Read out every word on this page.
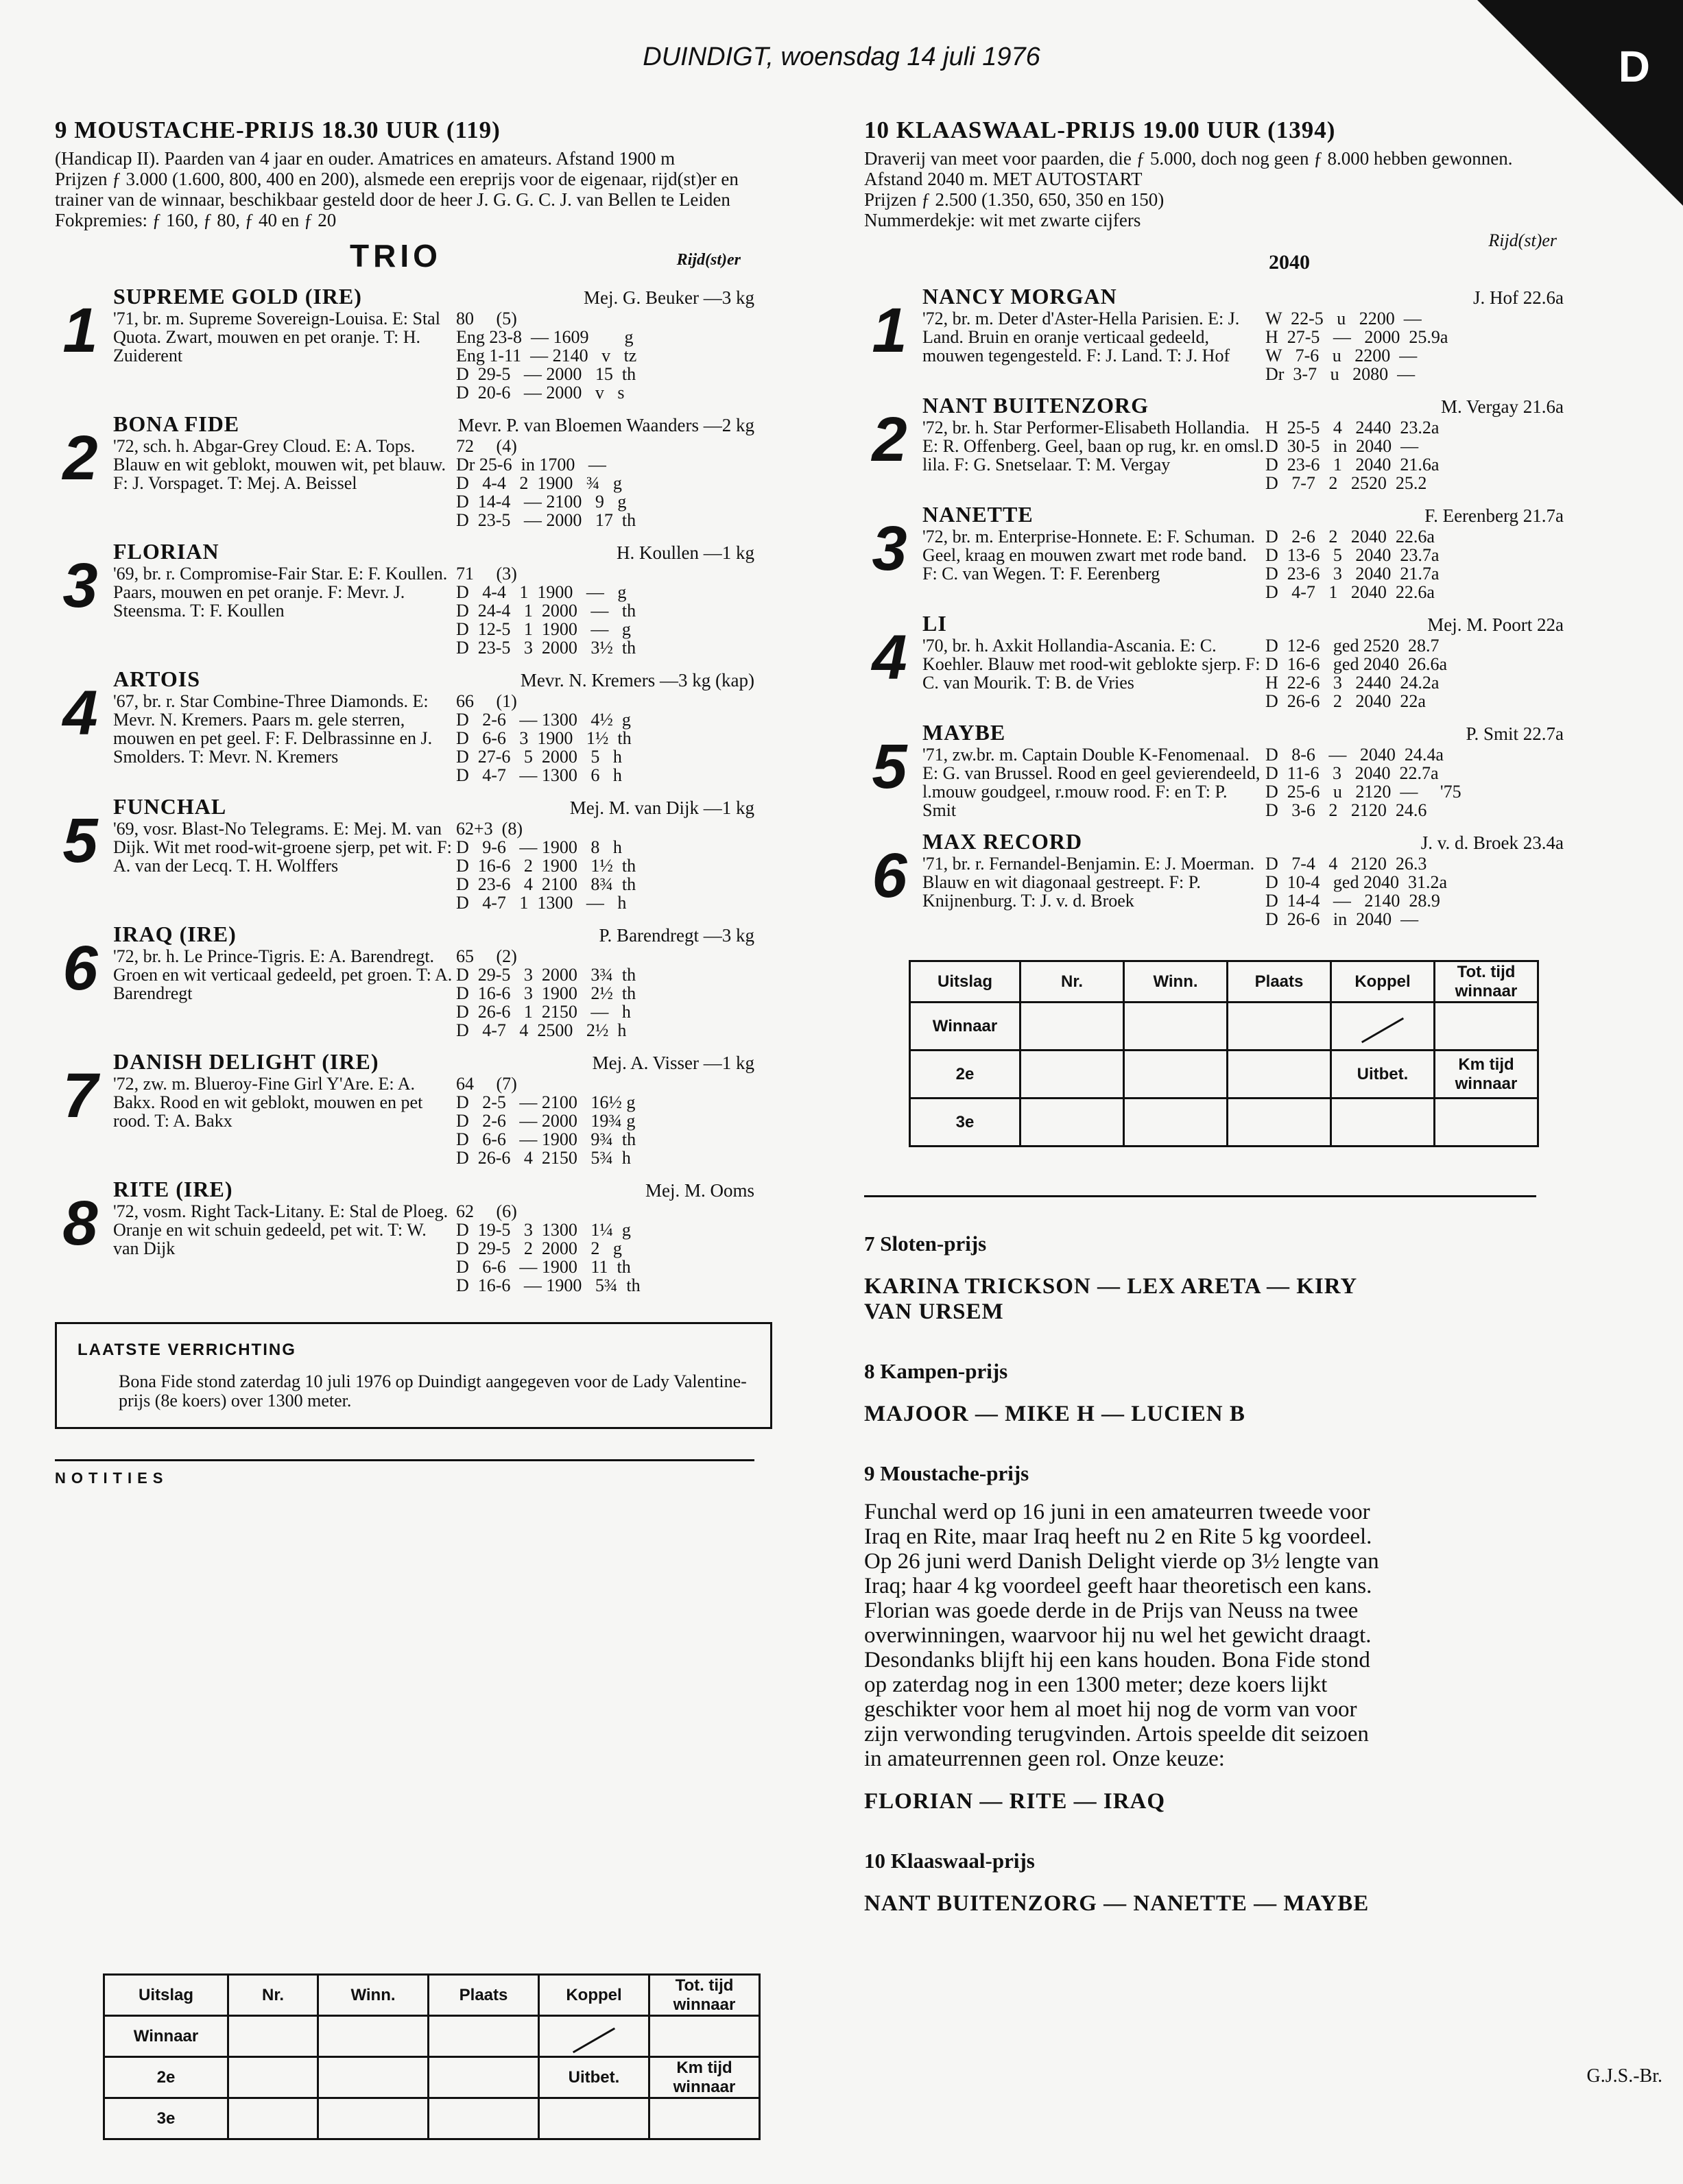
DUINDIGT, woensdag 14 juli 1976	D
9 MOUSTACHE-PRIJS 18.30 UUR (119)

(Handicap II). Paarden van 4 jaar en ouder. Amatrices en amateurs. Afstand 1900 m

Prijzen ƒ 3.000 (1.600, 800, 400 en 200), alsmede een ereprijs voor de eigenaar, rijd(st)er en trainer van de winnaar, beschikbaar gesteld door de heer J. G. G. C. J. van Bellen te Leiden

Fokpremies: ƒ 160, ƒ 80, ƒ 40 en ƒ 20

TRIO	Rijd(st)er
1 SUPREME GOLD (IRE)	Mej. G. Beuker —3 kg
'71, br. m. Supreme Sovereign-Louisa. E: Stal Quota. Zwart, mouwen en pet oranje. T: H. Zuiderent
80     (5)
Eng 23-8  — 1609        g
Eng 1-11  — 2140   v   tz
D  29-5   — 2000   15  th
D  20-6   — 2000   v   s
2 BONA FIDE	Mevr. P. van Bloemen Waanders —2 kg
'72, sch. h. Abgar-Grey Cloud. E: A. Tops. Blauw en wit geblokt, mouwen wit, pet blauw. F: J. Vorspaget. T: Mej. A. Beissel
72     (4)
Dr 25-6  in 1700   —
D   4-4   2  1900   ¾   g
D  14-4   — 2100   9   g
D  23-5   — 2000   17  th
3 FLORIAN	H. Koullen —1 kg
'69, br. r. Compromise-Fair Star. E: F. Koullen. Paars, mouwen en pet oranje. F: Mevr. J. Steensma. T: F. Koullen
71     (3)
D   4-4   1  1900   —   g
D  24-4   1  2000   —   th
D  12-5   1  1900   —   g
D  23-5   3  2000   3½  th
4 ARTOIS	Mevr. N. Kremers —3 kg (kap)
'67, br. r. Star Combine-Three Diamonds. E: Mevr. N. Kremers. Paars m. gele sterren, mouwen en pet geel. F: F. Delbrassinne en J. Smolders. T: Mevr. N. Kremers
66     (1)
D   2-6   — 1300   4½  g
D   6-6   3  1900   1½  th
D  27-6   5  2000   5   h
D   4-7   — 1300   6   h
5 FUNCHAL	Mej. M. van Dijk —1 kg
'69, vosr. Blast-No Telegrams. E: Mej. M. van Dijk. Wit met rood-wit-groene sjerp, pet wit. F: A. van der Lecq. T. H. Wolffers
62+3  (8)
D   9-6   — 1900   8   h
D  16-6   2  1900   1½  th
D  23-6   4  2100   8¾  th
D   4-7   1  1300   —   h
6 IRAQ (IRE)	P. Barendregt —3 kg
'72, br. h. Le Prince-Tigris. E: A. Barendregt. Groen en wit verticaal gedeeld, pet groen. T: A. Barendregt
65     (2)
D  29-5   3  2000   3¾  th
D  16-6   3  1900   2½  th
D  26-6   1  2150   —   h
D   4-7   4  2500   2½  h
7 DANISH DELIGHT (IRE)	Mej. A. Visser —1 kg
'72, zw. m. Blueroy-Fine Girl Y'Are. E: A. Bakx. Rood en wit geblokt, mouwen en pet rood. T: A. Bakx
64     (7)
D   2-5   — 2100   16½ g
D   2-6   — 2000   19¾ g
D   6-6   — 1900   9¾  th
D  26-6   4  2150   5¾  h
8 RITE (IRE)	Mej. M. Ooms
'72, vosm. Right Tack-Litany. E: Stal de Ploeg. Oranje en wit schuin gedeeld, pet wit. T: W. van Dijk
62     (6)
D  19-5   3  1300   1¼  g
D  29-5   2  2000   2   g
D   6-6   — 1900   11  th
D  16-6   — 1900   5¾  th
LAATSTE VERRICHTING
Bona Fide stond zaterdag 10 juli 1976 op Duindigt aangegeven voor de Lady Valentine-prijs (8e koers) over 1300 meter.
NOTITIES
Uitslag	Nr.	Winn.	Plaats	Koppel	Tot. tijd winnaar
Winnaar					
2e				Uitbet.	Km tijd winnaar
3e					
10 KLAASWAAL-PRIJS 19.00 UUR (1394)

Draverij van meet voor paarden, die ƒ 5.000, doch nog geen ƒ 8.000 hebben gewonnen. Afstand 2040 m. MET AUTOSTART

Prijzen ƒ 2.500 (1.350, 650, 350 en 150)

Nummerdekje: wit met zwarte cijfers

Rijd(st)er
2040
1 NANCY MORGAN	J. Hof 22.6a
'72, br. m. Deter d'Aster-Hella Parisien. E: J. Land. Bruin en oranje verticaal gedeeld, mouwen tegengesteld. F: J. Land. T: J. Hof
W  22-5   u   2200  —
H  27-5   —   2000  25.9a
W   7-6   u   2200  —
Dr  3-7   u   2080  —
2 NANT BUITENZORG	M. Vergay 21.6a
'72, br. h. Star Performer-Elisabeth Hollandia. E: R. Offenberg. Geel, baan op rug, kr. en omsl. lila. F: G. Snetselaar. T: M. Vergay
H  25-5   4   2440  23.2a
D  30-5   in  2040  —
D  23-6   1   2040  21.6a
D   7-7   2   2520  25.2
3 NANETTE	F. Eerenberg 21.7a
'72, br. m. Enterprise-Honnete. E: F. Schuman. Geel, kraag en mouwen zwart met rode band. F: C. van Wegen. T: F. Eerenberg
D   2-6   2   2040  22.6a
D  13-6   5   2040  23.7a
D  23-6   3   2040  21.7a
D   4-7   1   2040  22.6a
4 LI	Mej. M. Poort 22a
'70, br. h. Axkit Hollandia-Ascania. E: C. Koehler. Blauw met rood-wit geblokte sjerp. F: C. van Mourik. T: B. de Vries
D  12-6   ged 2520  28.7
D  16-6   ged 2040  26.6a
H  22-6   3   2440  24.2a
D  26-6   2   2040  22a
5 MAYBE	P. Smit 22.7a
'71, zw.br. m. Captain Double K-Fenomenaal. E: G. van Brussel. Rood en geel gevierendeeld, l.mouw goudgeel, r.mouw rood. F: en T: P. Smit
D   8-6   —   2040  24.4a
D  11-6   3   2040  22.7a
D  25-6   u   2120  —     '75
D   3-6   2   2120  24.6
6 MAX RECORD	J. v. d. Broek 23.4a
'71, br. r. Fernandel-Benjamin. E: J. Moerman. Blauw en wit diagonaal gestreept. F: P. Knijnenburg. T: J. v. d. Broek
D   7-4   4   2120  26.3
D  10-4   ged 2040  31.2a
D  14-4   —   2140  28.9
D  26-6   in  2040  —
Uitslag	Nr.	Winn.	Plaats	Koppel	Tot. tijd winnaar
Winnaar					
2e				Uitbet.	Km tijd winnaar
3e					
7 Sloten-prijs
KARINA TRICKSON — LEX ARETA — KIRY VAN URSEM
8 Kampen-prijs
MAJOOR — MIKE H — LUCIEN B
9 Moustache-prijs
Funchal werd op 16 juni in een amateurren tweede voor Iraq en Rite, maar Iraq heeft nu 2 en Rite 5 kg voordeel. Op 26 juni werd Danish Delight vierde op 3½ lengte van Iraq; haar 4 kg voordeel geeft haar theoretisch een kans. Florian was goede derde in de Prijs van Neuss na twee overwinningen, waarvoor hij nu wel het gewicht draagt. Desondanks blijft hij een kans houden. Bona Fide stond op zaterdag nog in een 1300 meter; deze koers lijkt geschikter voor hem al moet hij nog de vorm van voor zijn verwonding terugvinden. Artois speelde dit seizoen in amateurrennen geen rol. Onze keuze:
FLORIAN — RITE — IRAQ
10 Klaaswaal-prijs
NANT BUITENZORG — NANETTE — MAYBE
G.J.S.-Br.
